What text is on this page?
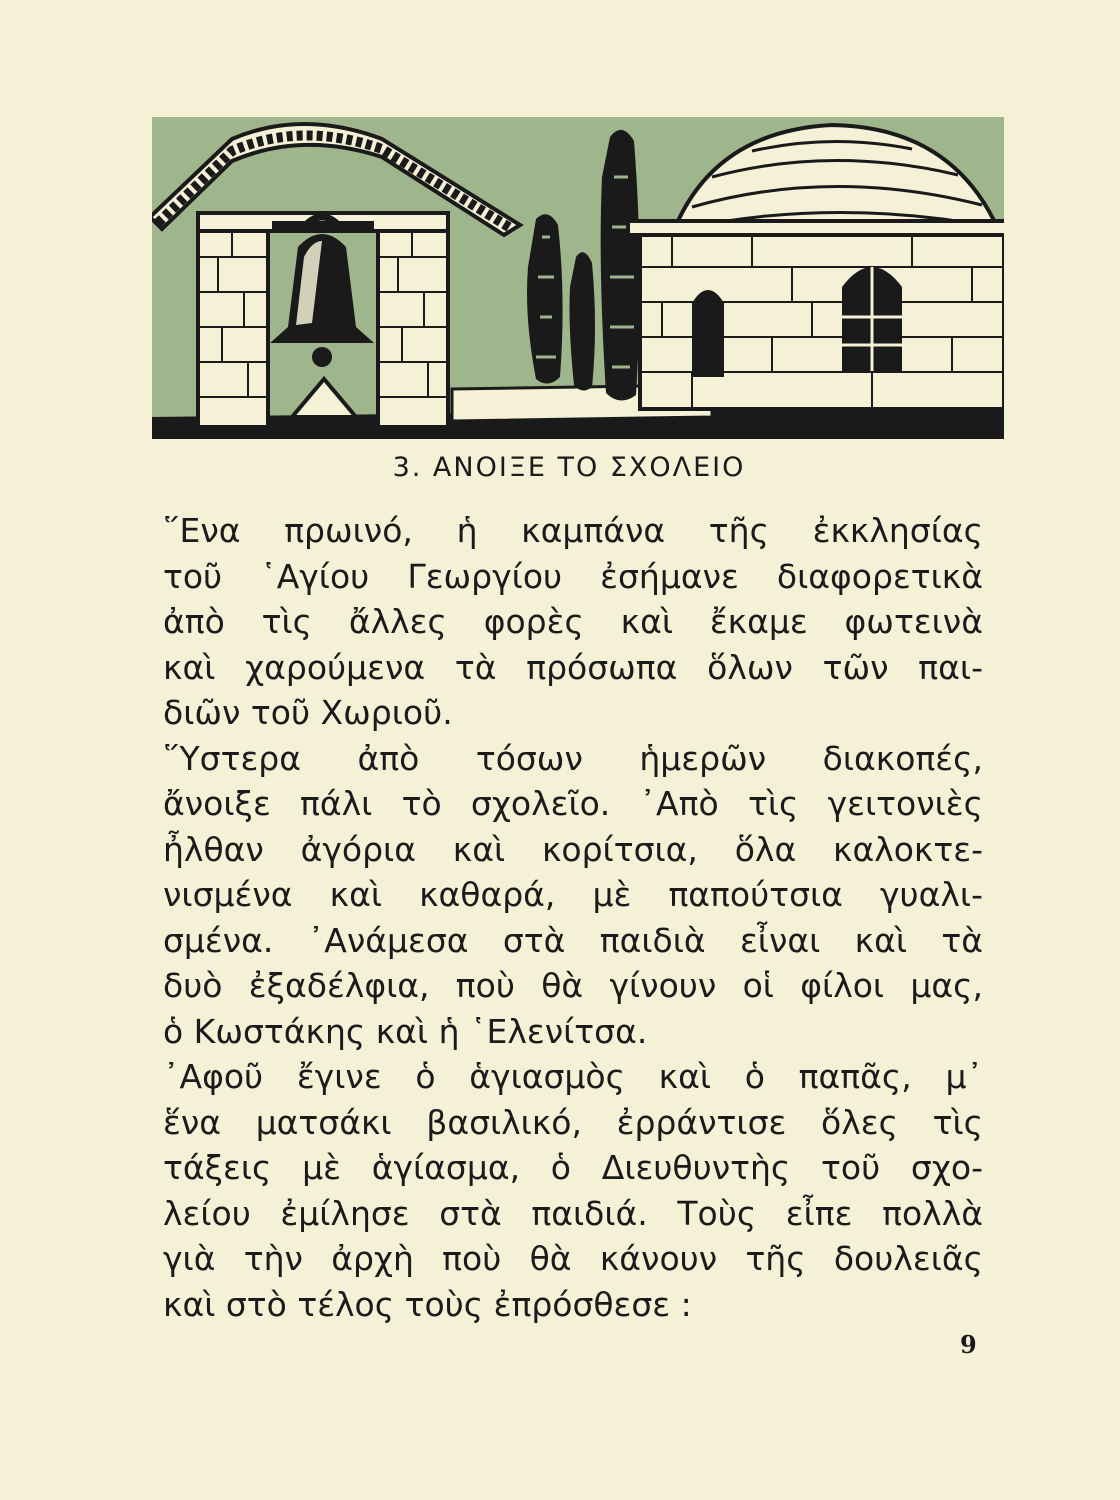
3. ΑΝΟΙΞΕ ΤΟ ΣΧΟΛΕΙΟ
῞Ενα πρωινό, ἡ καμπάνα τῆς ἐκκλησίας
τοῦ ῾Αγίου Γεωργίου ἐσήμανε διαφορετικὰ
ἀπὸ τὶς ἄλλες φορὲς καὶ ἔκαμε φωτεινὰ
καὶ χαρούμενα τὰ πρόσωπα ὅλων τῶν παι-
διῶν τοῦ Χωριοῦ.
῞Υστερα ἀπὸ τόσων ἡμερῶν διακοπές,
ἄνοιξε πάλι τὸ σχολεῖο. ᾿Απὸ τὶς γειτονιὲς
ἦλθαν ἀγόρια καὶ κορίτσια, ὅλα καλοκτε-
νισμένα καὶ καθαρά, μὲ παπούτσια γυαλι-
σμένα. ᾿Ανάμεσα στὰ παιδιὰ εἶναι καὶ τὰ
δυὸ ἐξαδέλφια, ποὺ θὰ γίνουν οἱ φίλοι μας,
ὁ Κωστάκης καὶ ἡ ῾Ελενίτσα.
᾿Αφοῦ ἔγινε ὁ ἁγιασμὸς καὶ ὁ παπᾶς, μ᾿
ἕνα ματσάκι βασιλικό, ἐρράντισε ὅλες τὶς
τάξεις μὲ ἁγίασμα, ὁ Διευθυντὴς τοῦ σχο-
λείου ἐμίλησε στὰ παιδιά. Τοὺς εἶπε πολλὰ
γιὰ τὴν ἀρχὴ ποὺ θὰ κάνουν τῆς δουλειᾶς
καὶ στὸ τέλος τοὺς ἐπρόσθεσε :
9
